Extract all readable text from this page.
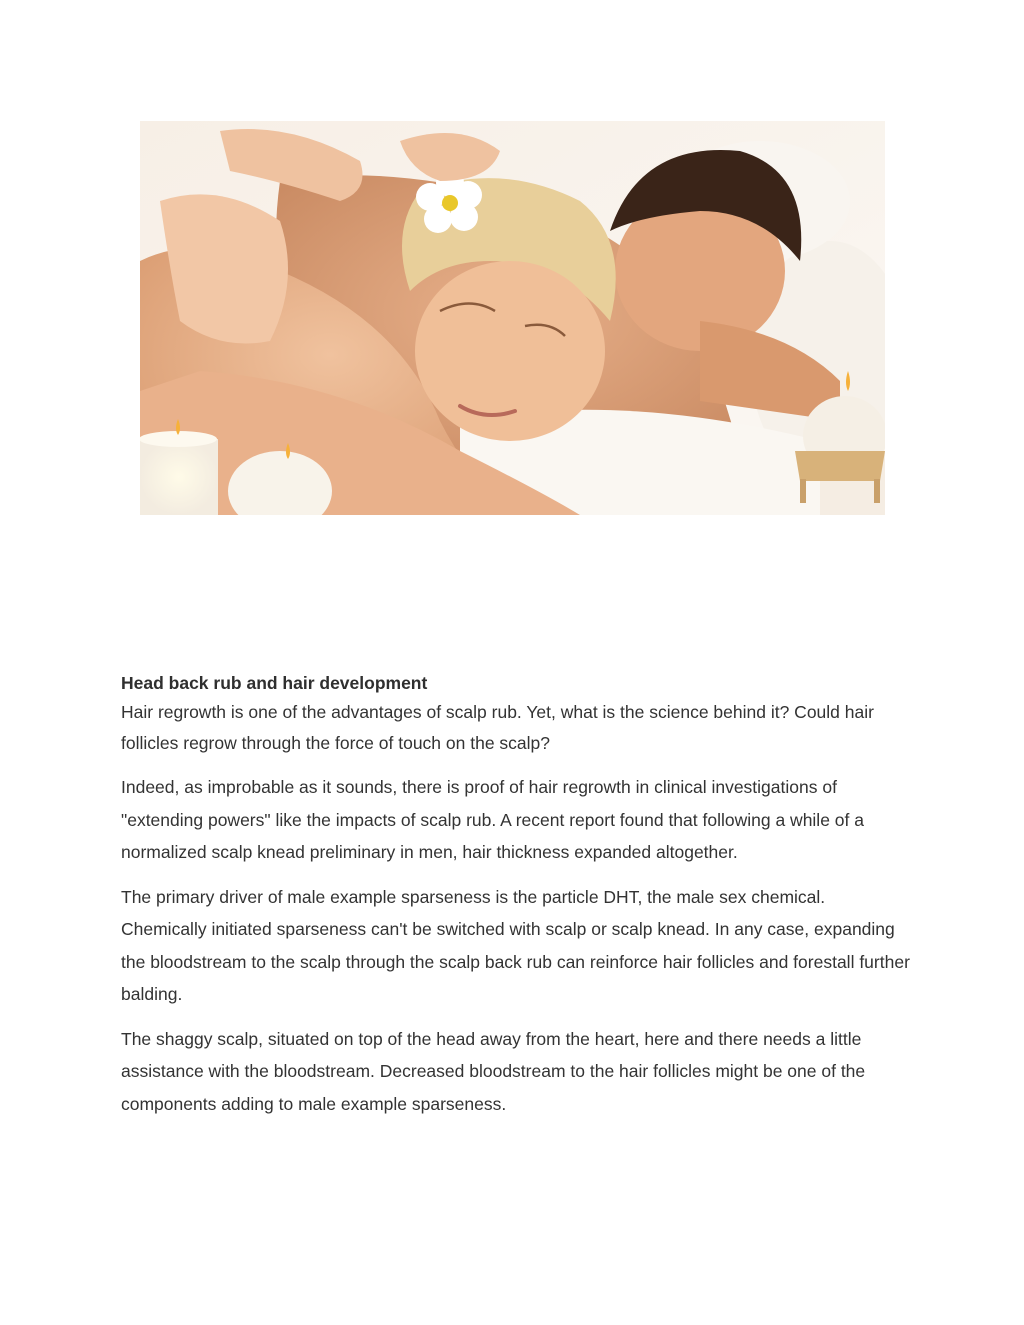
Head back rub and hair development

Hair regrowth is one of the advantages of scalp rub. Yet, what is the science behind it? Could hair follicles regrow through the force of touch on the scalp?

Indeed, as improbable as it sounds, there is proof of hair regrowth in clinical investigations of "extending powers" like the impacts of scalp rub. A recent report found that following a while of a normalized scalp knead preliminary in men, hair thickness expanded altogether.

The primary driver of male example sparseness is the particle DHT, the male sex chemical. Chemically initiated sparseness can't be switched with scalp or scalp knead. In any case, expanding the bloodstream to the scalp through the scalp back rub can reinforce hair follicles and forestall further balding.

The shaggy scalp, situated on top of the head away from the heart, here and there needs a little assistance with the bloodstream. Decreased bloodstream to the hair follicles might be one of the components adding to male example sparseness.
